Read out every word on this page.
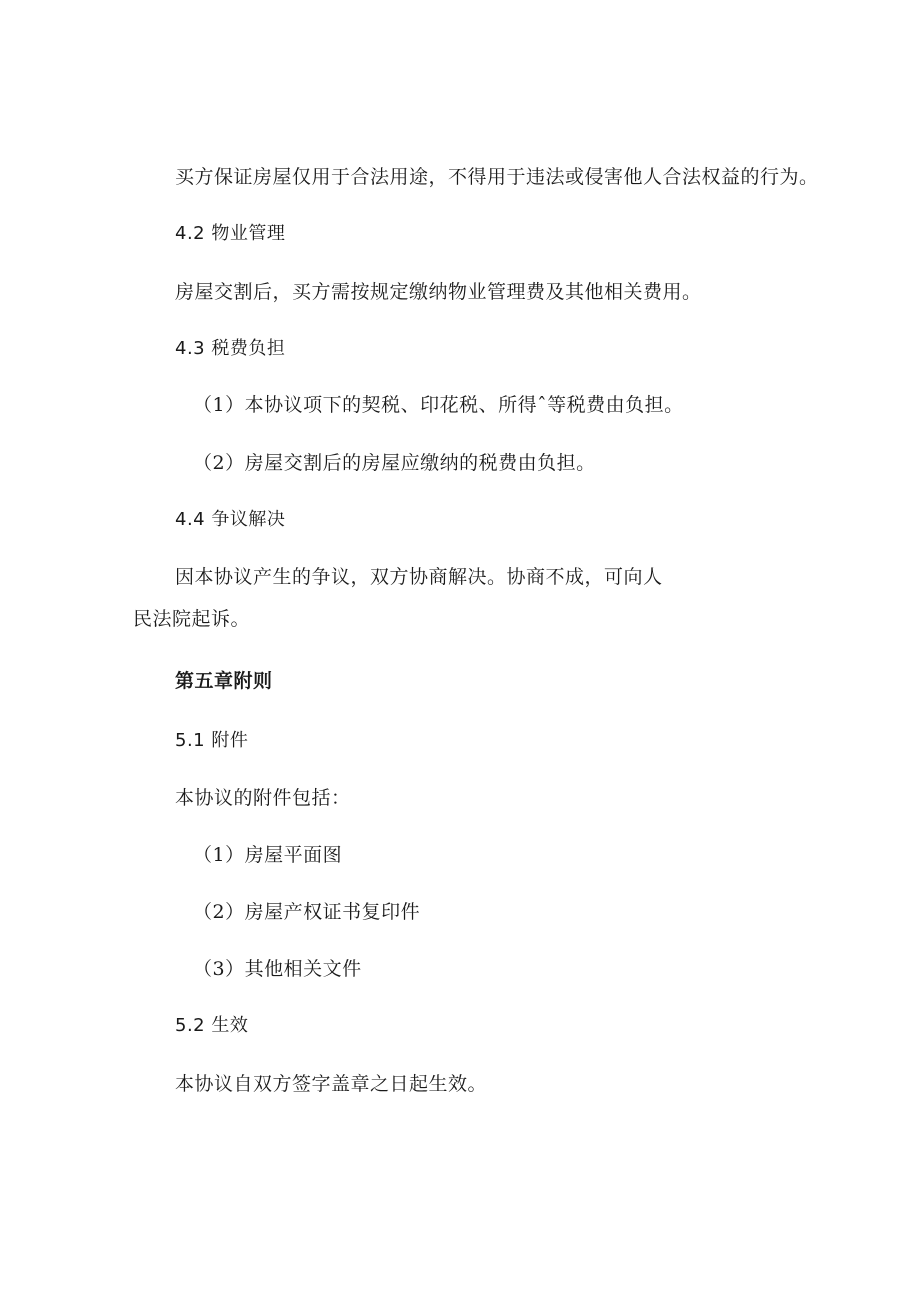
买方保证房屋仅用于合法用途，不得用于违法或侵害他人合法权益的行为。
4.2 物业管理
房屋交割后，买方需按规定缴纳物业管理费及其他相关费用。
4.3 税费负担
（1）本协议项下的契税、印花税、所得ˆ等税费由负担。
（2）房屋交割后的房屋应缴纳的税费由负担。
4.4 争议解决
因本协议产生的争议，双方协商解决。协商不成，可向人
民法院起诉。
第五章附则
5.1 附件
本协议的附件包括：
（1）房屋平面图
（2）房屋产权证书复印件
（3）其他相关文件
5.2 生效
本协议自双方签字盖章之日起生效。
